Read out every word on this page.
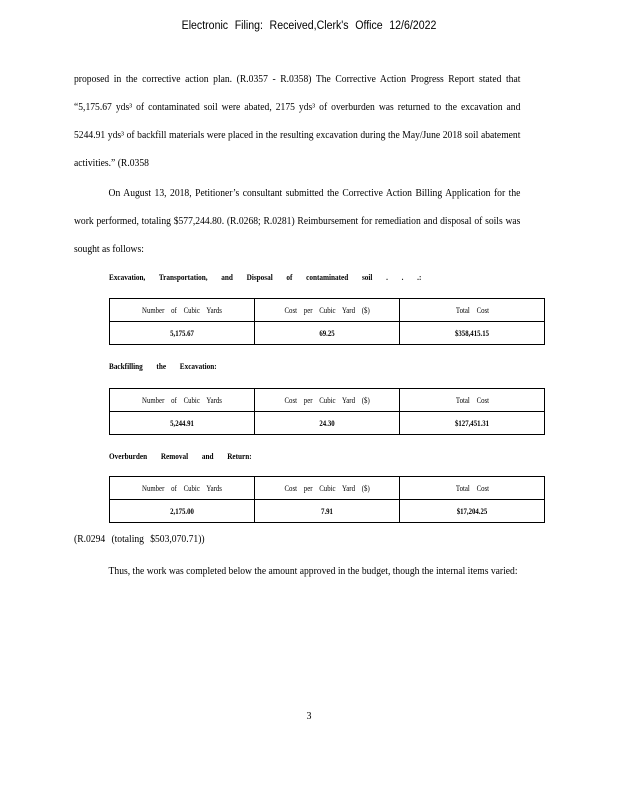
Electronic Filing: Received,Clerk's Office 12/6/2022
proposed in the corrective action plan. (R.0357 - R.0358) The Corrective Action Progress Report stated that “5,175.67 yds³ of contaminated soil were abated, 2175 yds³ of overburden was returned to the excavation and 5244.91 yds³ of backfill materials were placed in the resulting excavation during the May/June 2018 soil abatement activities.” (R.0358
On August 13, 2018, Petitioner’s consultant submitted the Corrective Action Billing Application for the work performed, totaling $577,244.80. (R.0268; R.0281) Reimbursement for remediation and disposal of soils was sought as follows:
Excavation, Transportation, and Disposal of contaminated soil . . .:
Number of Cubic Yards	Cost per Cubic Yard ($)	Total Cost
5,175.67	69.25	$358,415.15
Backfilling the Excavation:
Number of Cubic Yards	Cost per Cubic Yard ($)	Total Cost
5,244.91	24.30	$127,451.31
Overburden Removal and Return:
Number of Cubic Yards	Cost per Cubic Yard ($)	Total Cost
2,175.00	7.91	$17,204.25
(R.0294 (totaling $503,070.71))
Thus, the work was completed below the amount approved in the budget, though the internal items varied:
3
